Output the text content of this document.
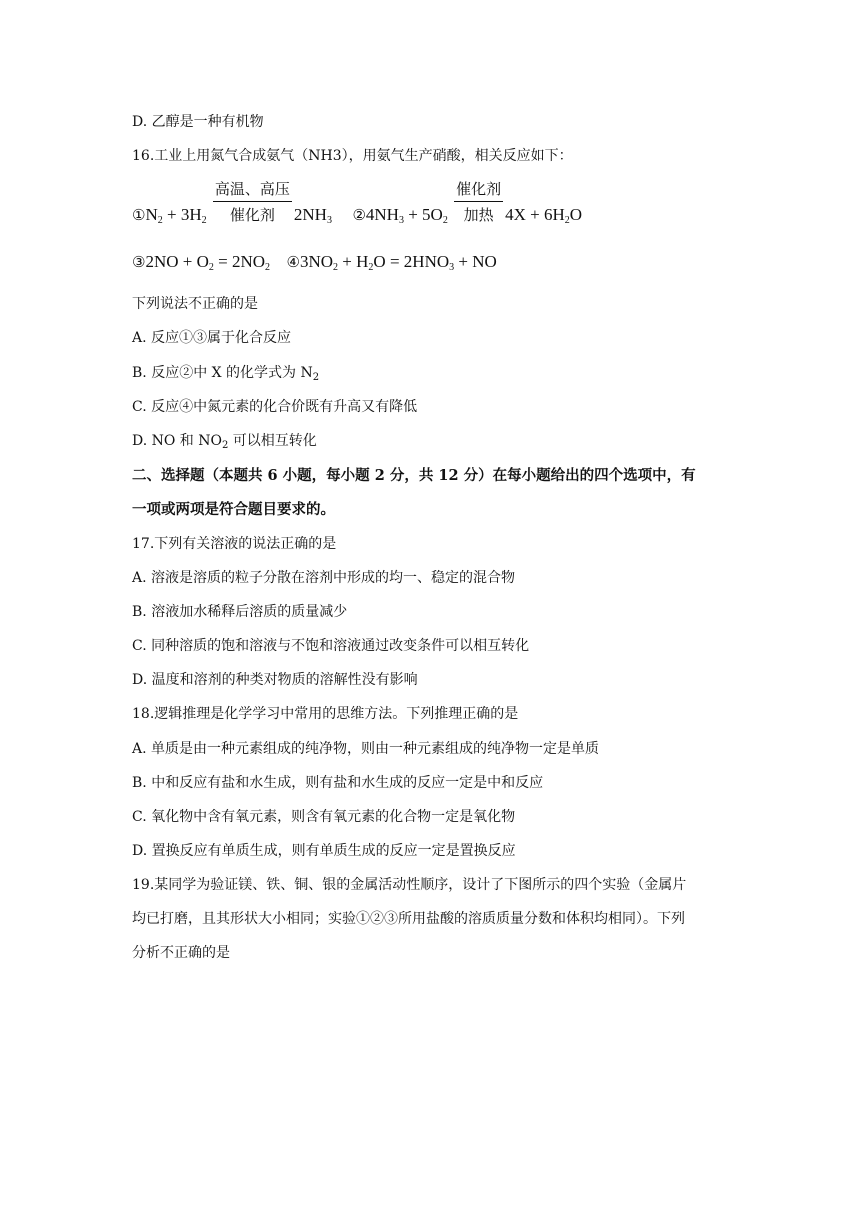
D. 乙醇是一种有机物
16.工业上用氮气合成氨气（NH3），用氨气生产硝酸，相关反应如下：
$①N_2 + 3H_2 \frac{\text{高温、高压}}{\text{催化剂}} 2NH_3$ $②4NH_3 + 5O_2 \frac{\text{催化剂}}{\text{加热}} 4X + 6H_2O$
③2NO + $O_2 = 2NO_2$ $④3NO_2 + H_2O = 2HNO_3$ + NO
下列说法不正确的是
A. 反应①③属于化合反应
B. 反应②中 X 的化学式为 $N_2$
C. 反应④中氮元素的化合价既有升高又有降低
D. NO 和 $NO_2$ 可以相互转化
二、选择题（本题共 6 小题，每小题 2 分，共 12 分）在每小题给出的四个选项中，有
一项或两项是符合题目要求的。
17.下列有关溶液的说法正确的是
A. 溶液是溶质的粒子分散在溶剂中形成的均一、稳定的混合物
B. 溶液加水稀释后溶质的质量减少
C. 同种溶质的饱和溶液与不饱和溶液通过改变条件可以相互转化
D. 温度和溶剂的种类对物质的溶解性没有影响
18.逻辑推理是化学学习中常用的思维方法。下列推理正确的是
A. 单质是由一种元素组成的纯净物，则由一种元素组成的纯净物一定是单质
B. 中和反应有盐和水生成，则有盐和水生成的反应一定是中和反应
C. 氧化物中含有氧元素，则含有氧元素的化合物一定是氧化物
D. 置换反应有单质生成，则有单质生成的反应一定是置换反应
19.某同学为验证镁、铁、铜、银的金属活动性顺序，设计了下图所示的四个实验（金属片
均已打磨，且其形状大小相同；实验①②③所用盐酸的溶质质量分数和体积均相同）。下列
分析不正确的是
